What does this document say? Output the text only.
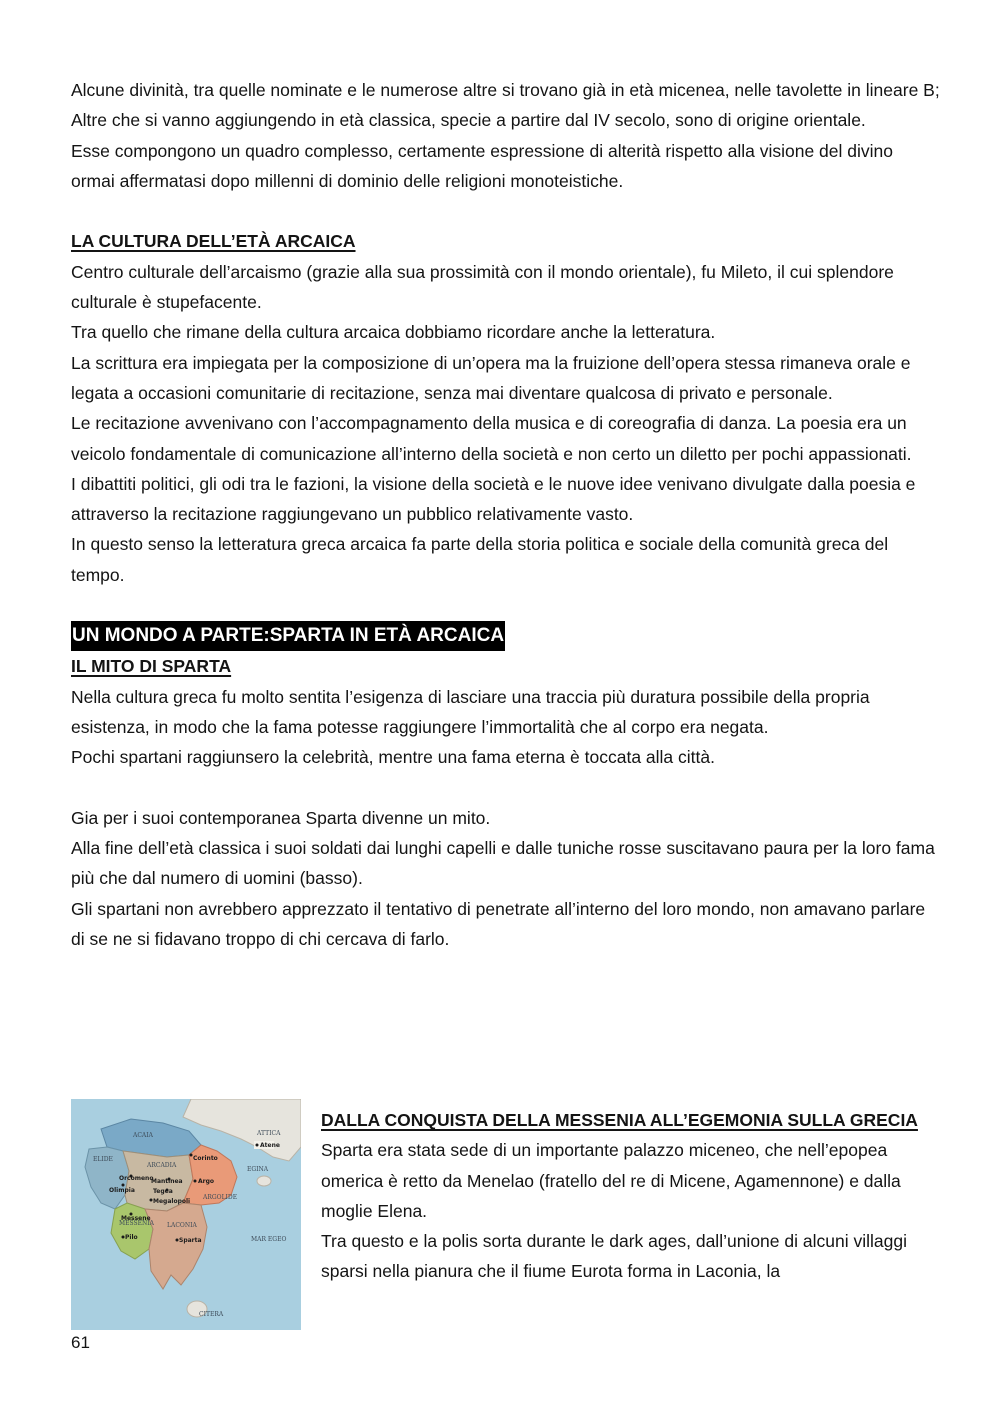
Alcune divinità, tra quelle nominate e le numerose altre si trovano già in età micenea, nelle tavolette in lineare B;

Altre che si vanno aggiungendo in età classica, specie a partire dal IV secolo, sono di origine orientale.

Esse compongono un quadro complesso, certamente espressione di alterità rispetto alla visione del divino ormai affermatasi dopo millenni di dominio delle religioni monoteistiche.

LA CULTURA DELL’ETÀ ARCAICA

Centro culturale dell’arcaismo (grazie alla sua prossimità con il mondo orientale), fu Mileto, il cui splendore culturale è stupefacente.

Tra quello che rimane della cultura arcaica dobbiamo ricordare anche la letteratura.

La scrittura era impiegata per la composizione di un’opera ma la fruizione dell’opera stessa rimaneva orale e legata a occasioni comunitarie di recitazione, senza mai diventare qualcosa di privato e personale.

Le recitazione avvenivano con l’accompagnamento della musica e di coreografia di danza. La poesia era un veicolo fondamentale di comunicazione all’interno della società e non certo un diletto per pochi appassionati.

I dibattiti politici, gli odi tra le fazioni, la visione della società e le nuove idee venivano divulgate dalla poesia e attraverso la recitazione raggiungevano un pubblico relativamente vasto.

In questo senso la letteratura greca arcaica fa parte della storia politica e sociale della comunità greca del tempo.

UN MONDO A PARTE:SPARTA IN ETÀ ARCAICA

IL MITO DI SPARTA

Nella cultura greca fu molto sentita l’esigenza di lasciare una traccia più duratura possibile della propria esistenza, in modo che la fama potesse raggiungere l’immortalità che al corpo era negata.

Pochi spartani raggiunsero la celebrità, mentre una fama eterna è toccata alla città.

Gia per i suoi contemporanea Sparta divenne un mito.

Alla fine dell’età classica i suoi soldati dai lunghi capelli e dalle tuniche rosse suscitavano paura per la loro fama più che dal numero di uomini (basso).

Gli spartani non avrebbero apprezzato il tentativo di penetrate all’interno del loro mondo, non amavano parlare di se ne si fidavano troppo di chi cercava di farlo.

ACAIA	ATTICA
ELIDE
ARCADIA
ARGOLIDE
EGINA
MESSENIA LACONIA
MAR EGEO
CITERA
Atene
Corinto
Orcomeno
Mantinea
Olimpia
Argo
Tegea
Megalopoli
Messene
Pilo	Sparta

DALLA CONQUISTA DELLA MESSENIA ALL’EGEMONIA SULLA GRECIA

Sparta era stata sede di un importante palazzo miceneo, che nell’epopea omerica è retto da Menelao (fratello del re di Micene, Agamennone) e dalla moglie Elena.

Tra questo e la polis sorta durante le dark ages, dall’unione di alcuni villaggi sparsi nella pianura che il fiume Eurota forma in Laconia, la

61
